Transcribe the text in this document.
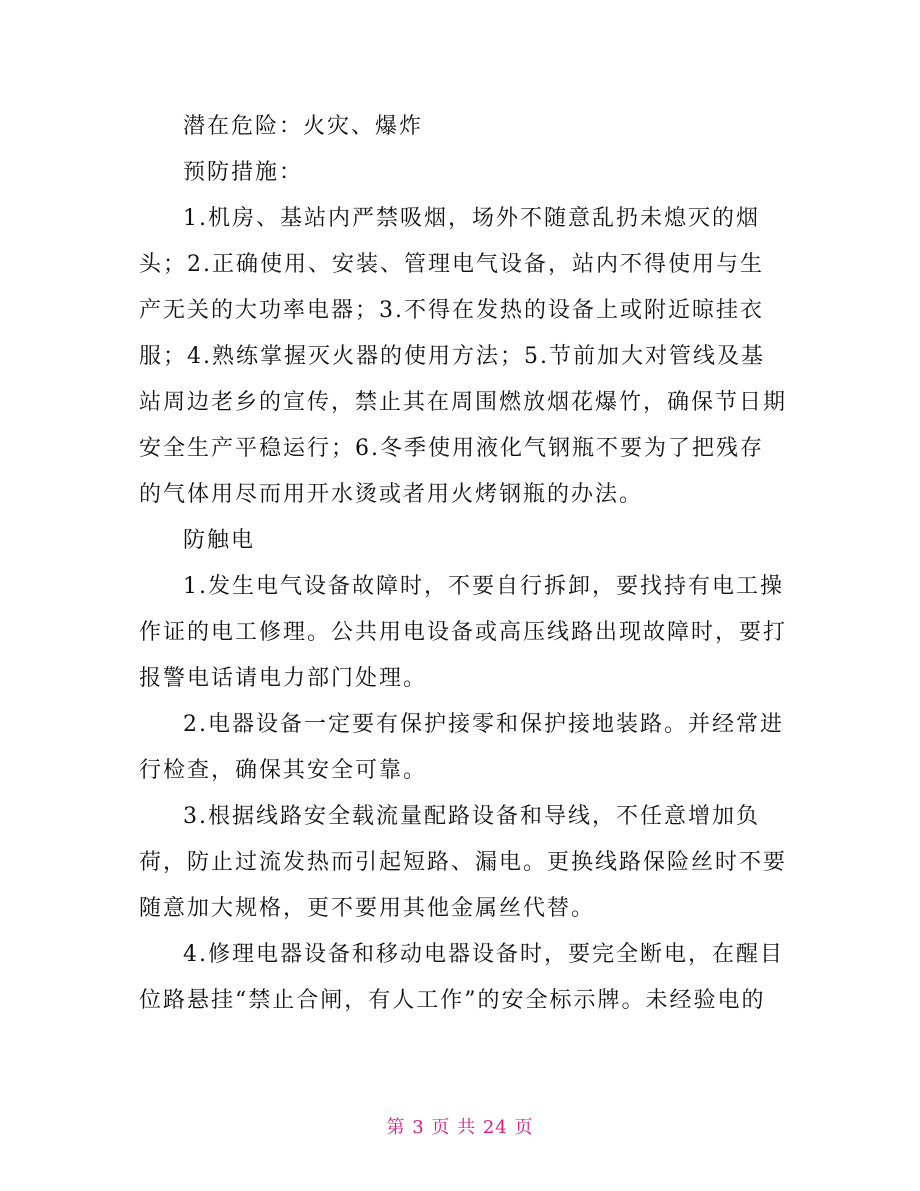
潜在危险：火灾、爆炸

预防措施：

1.机房、基站内严禁吸烟，场外不随意乱扔未熄灭的烟头；2.正确使用、安装、管理电气设备，站内不得使用与生产无关的大功率电器；3.不得在发热的设备上或附近晾挂衣服；4.熟练掌握灭火器的使用方法；5.节前加大对管线及基站周边老乡的宣传，禁止其在周围燃放烟花爆竹，确保节日期安全生产平稳运行；6.冬季使用液化气钢瓶不要为了把残存的气体用尽而用开水烫或者用火烤钢瓶的办法。

防触电

1.发生电气设备故障时，不要自行拆卸，要找持有电工操作证的电工修理。公共用电设备或高压线路出现故障时，要打报警电话请电力部门处理。

2.电器设备一定要有保护接零和保护接地装路。并经常进行检查，确保其安全可靠。

3.根据线路安全载流量配路设备和导线，不任意增加负荷，防止过流发热而引起短路、漏电。更换线路保险丝时不要随意加大规格，更不要用其他金属丝代替。

4.修理电器设备和移动电器设备时，要完全断电，在醒目位路悬挂“禁止合闸，有人工作”的安全标示牌。未经验电的

第 3 页 共 24 页
